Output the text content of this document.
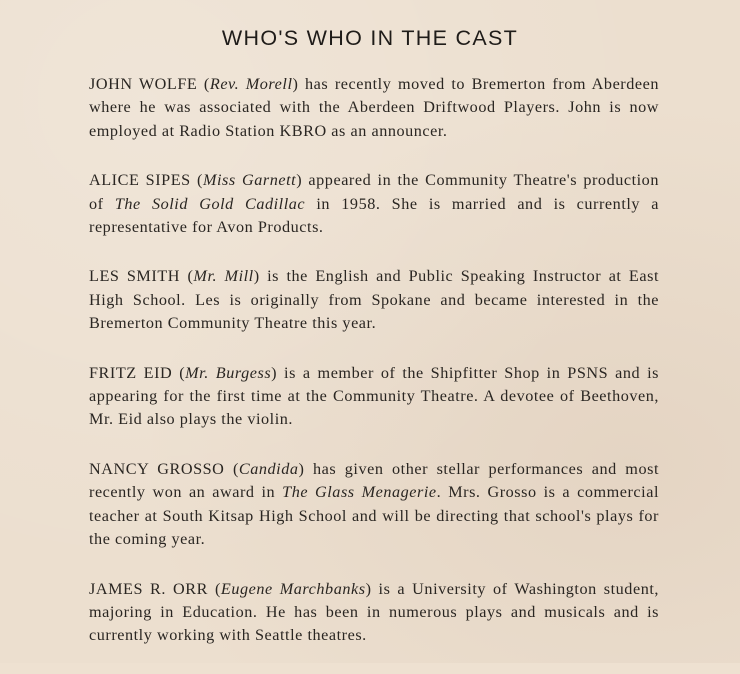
WHO'S WHO IN THE CAST

JOHN WOLFE (Rev. Morell) has recently moved to Bremerton from Aberdeen where he was associated with the Aberdeen Driftwood Players. John is now employed at Radio Station KBRO as an announcer.

ALICE SIPES (Miss Garnett) appeared in the Community Theatre's production of The Solid Gold Cadillac in 1958. She is married and is currently a representative for Avon Products.

LES SMITH (Mr. Mill) is the English and Public Speaking Instructor at East High School. Les is originally from Spokane and became interested in the Bremerton Community Theatre this year.

FRITZ EID (Mr. Burgess) is a member of the Shipfitter Shop in PSNS and is appearing for the first time at the Community Theatre. A devotee of Beethoven, Mr. Eid also plays the violin.

NANCY GROSSO (Candida) has given other stellar performances and most recently won an award in The Glass Menagerie. Mrs. Grosso is a commercial teacher at South Kitsap High School and will be directing that school's plays for the coming year.

JAMES R. ORR (Eugene Marchbanks) is a University of Washington student, majoring in Education. He has been in numerous plays and musicals and is currently working with Seattle theatres.
